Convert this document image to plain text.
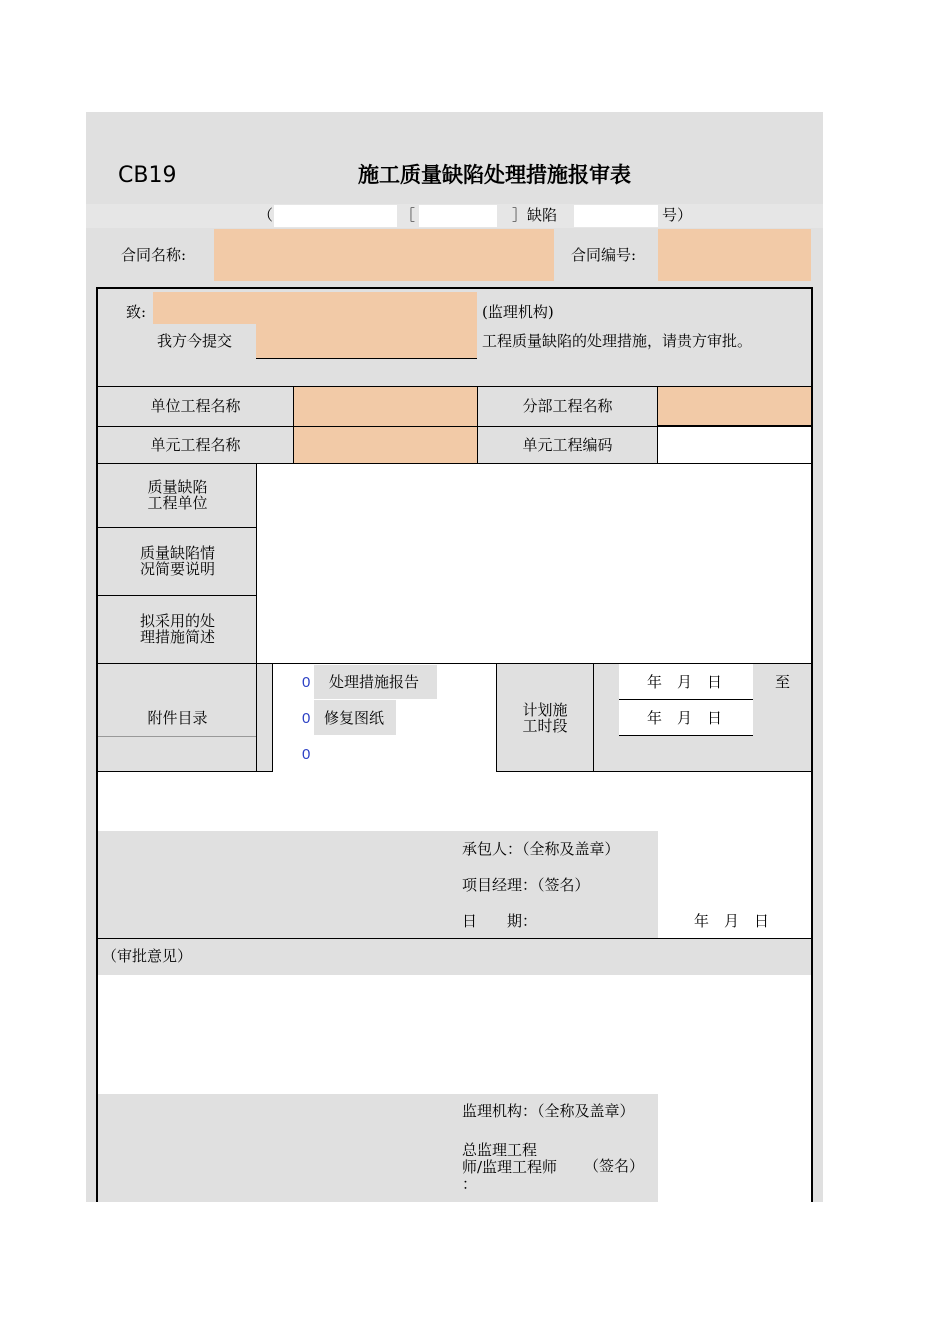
CB19	施工质量缺陷处理措施报审表
（	［	］缺陷	号）
合同名称:	合同编号:
致:	(监理机构)
我方今提交	工程质量缺陷的处理措施，请贵方审批。
单位工程名称	分部工程名称
单元工程名称	单元工程编码
质量缺陷
工程单位
质量缺陷情
况简要说明
拟采用的处
理措施简述
附件目录
0 处理措施报告
0 修复图纸
0
计划施
工时段
年　月　日	至
年　月　日
承包人：（全称及盖章）
项目经理：（签名）
日　　期：	年　月　日
（审批意见）
监理机构：（全称及盖章）
总监理工程
师/监理工程师
：
（签名）
